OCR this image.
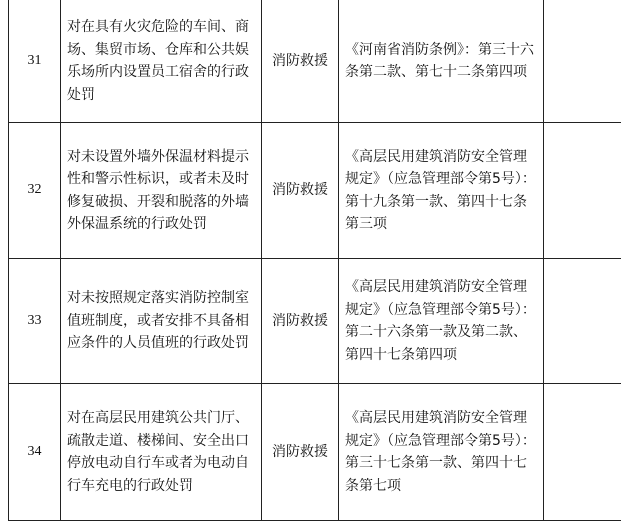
31	对在具有火灾危险的车间、商场、集贸市场、仓库和公共娱乐场所内设置员工宿舍的行政处罚	消防救援	《河南省消防条例》：第三十六条第二款、第七十二条第四项	

32	对未设置外墙外保温材料提示性和警示性标识，或者未及时修复破损、开裂和脱落的外墙外保温系统的行政处罚	消防救援	《高层民用建筑消防安全管理规定》（应急管理部令第5号）：第十九条第一款、第四十七条第三项	

33	对未按照规定落实消防控制室值班制度，或者安排不具备相应条件的人员值班的行政处罚	消防救援	《高层民用建筑消防安全管理规定》（应急管理部令第5号）：第二十六条第一款及第二款、第四十七条第四项	

34	对在高层民用建筑公共门厅、疏散走道、楼梯间、安全出口停放电动自行车或者为电动自行车充电的行政处罚	消防救援	《高层民用建筑消防安全管理规定》（应急管理部令第5号）：第三十七条第一款、第四十七条第七项	
